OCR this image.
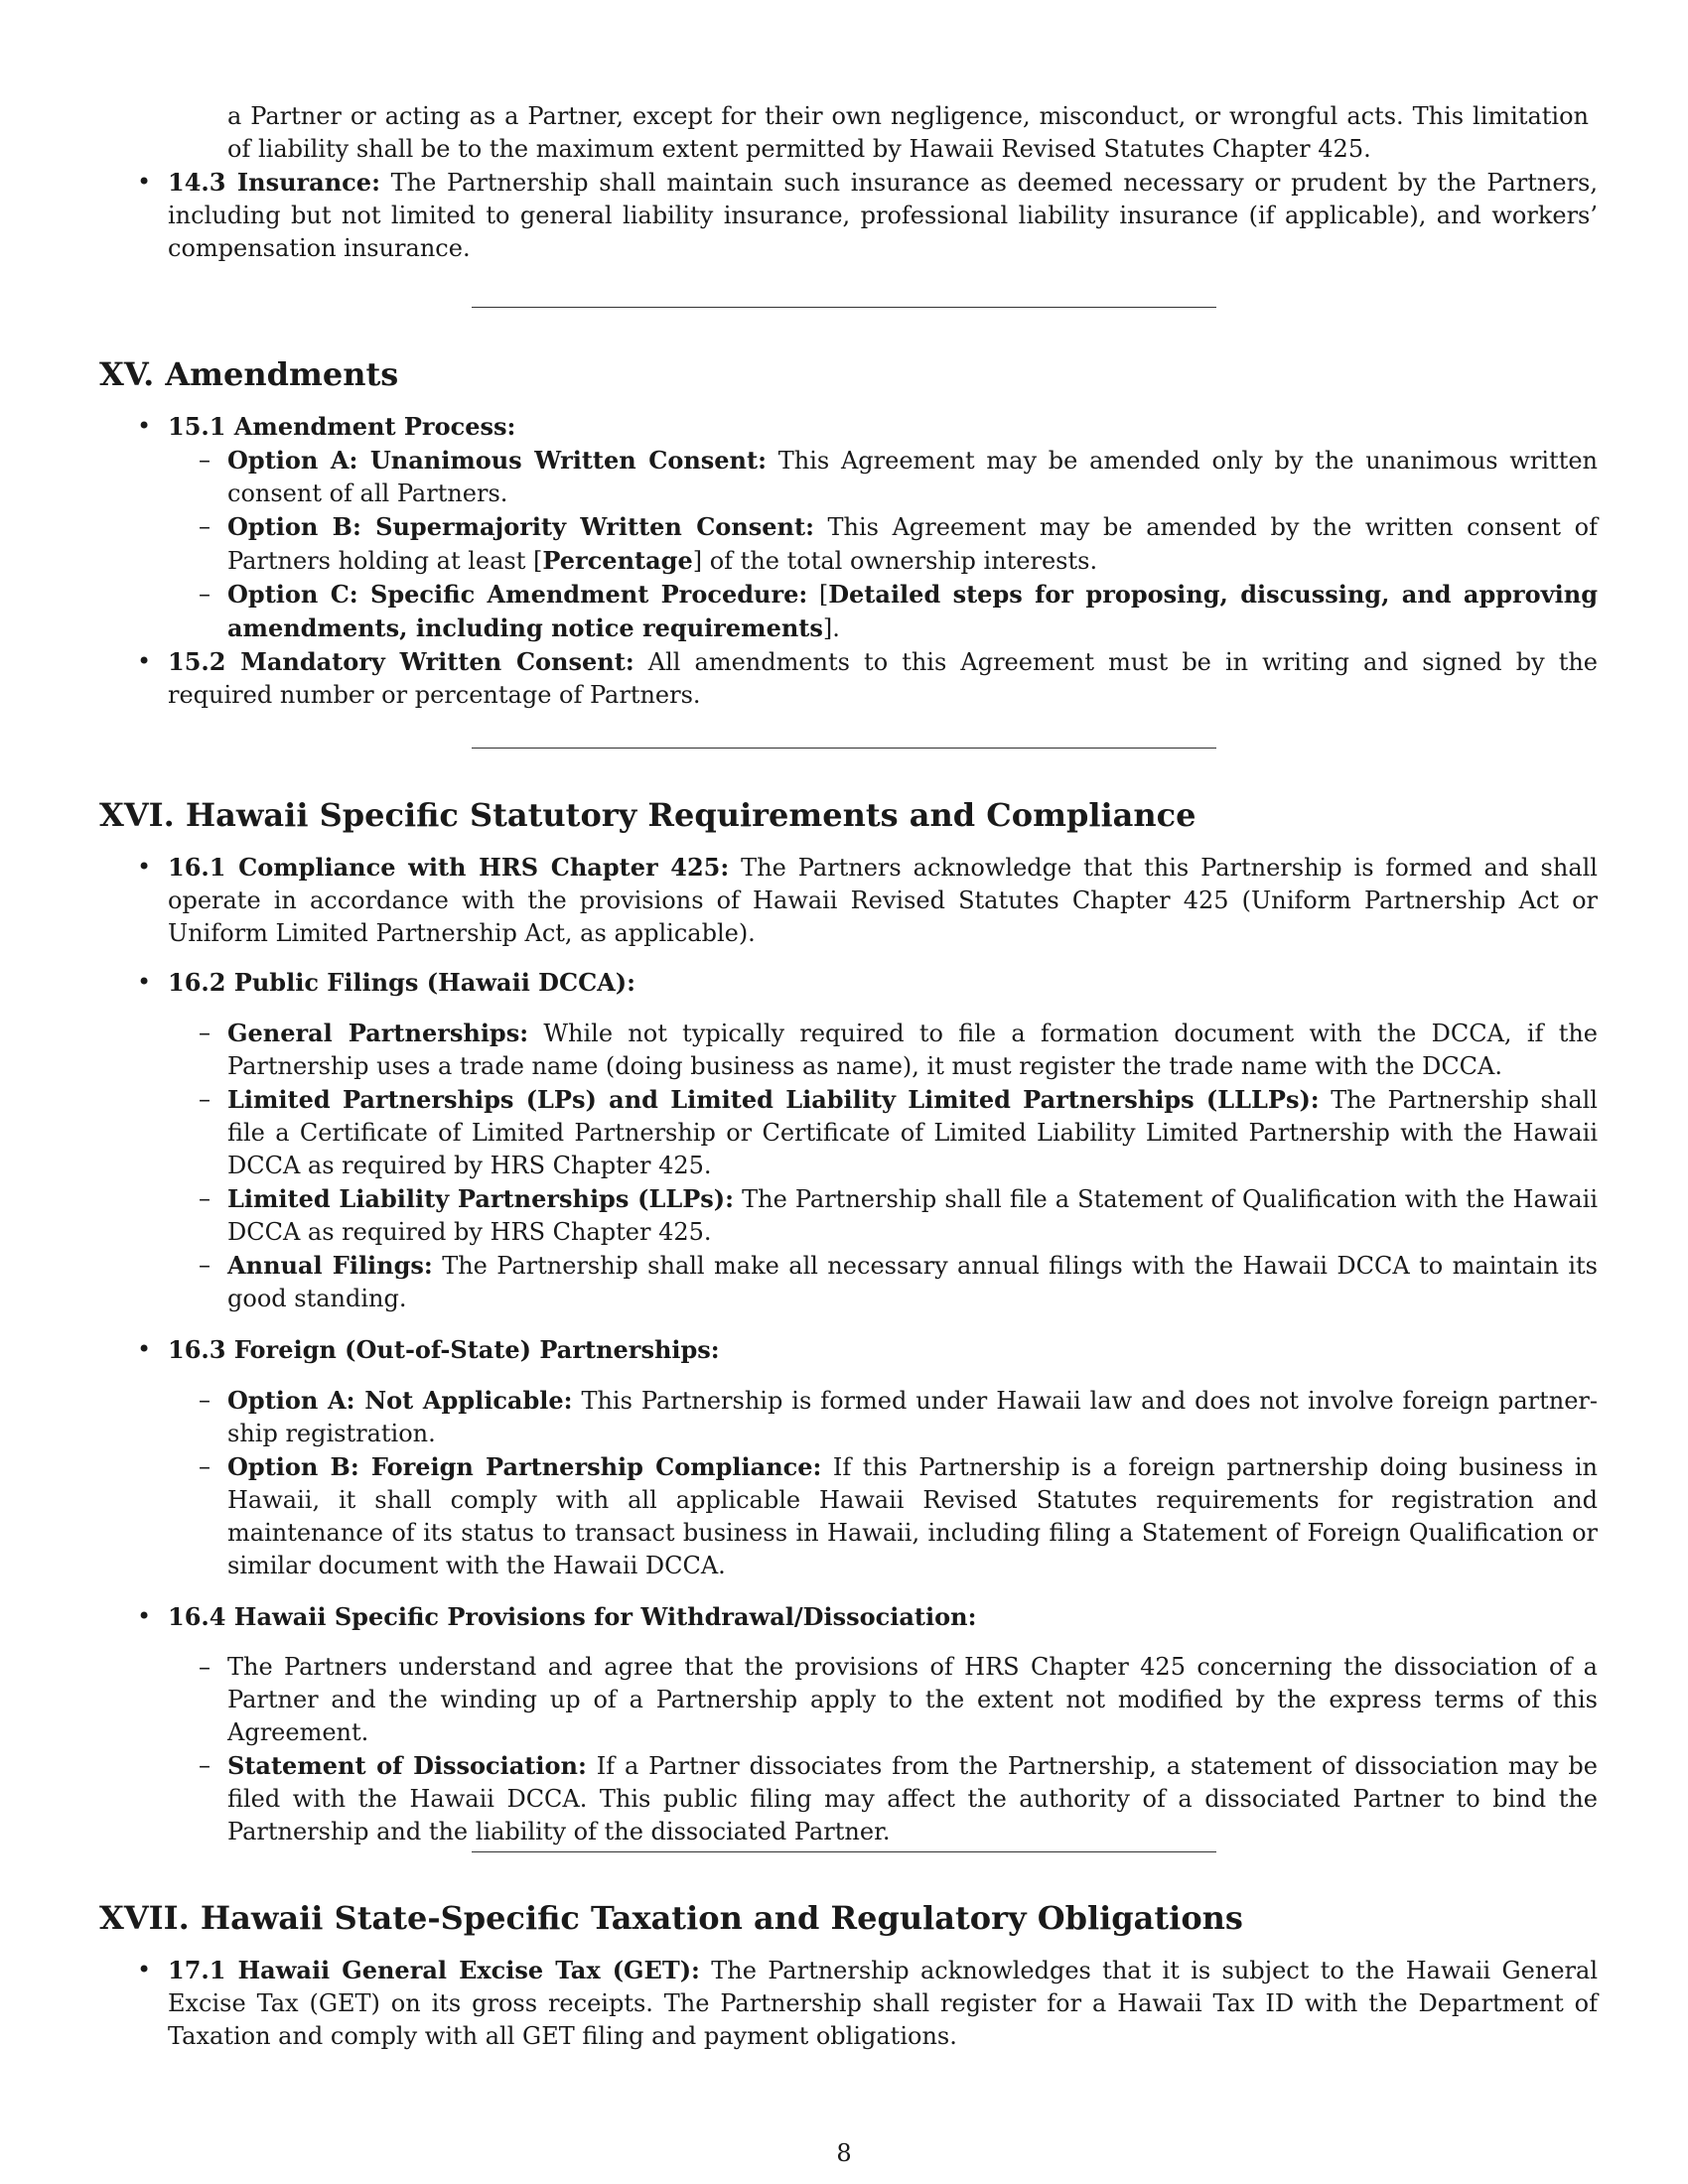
a Partner or acting as a Partner, except for their own negligence, misconduct, or wrongful acts. This limitation of liability shall be to the maximum extent permitted by Hawaii Revised Statutes Chapter 425.

• 14.3 Insurance: The Partnership shall maintain such insurance as deemed necessary or prudent by the Partners, including but not limited to general liability insurance, professional liability insurance (if applicable), and workers’ compensation insurance.
XV. Amendments
• 15.1 Amendment Process:
– Option A: Unanimous Written Consent: This Agreement may be amended only by the unanimous written consent of all Partners.
– Option B: Supermajority Written Consent: This Agreement may be amended by the written consent of Partners holding at least [Percentage] of the total ownership interests.
– Option C: Specific Amendment Procedure: [Detailed steps for proposing, discussing, and approving amendments, including notice requirements].
• 15.2 Mandatory Written Consent: All amendments to this Agreement must be in writing and signed by the required number or percentage of Partners.
XVI. Hawaii Specific Statutory Requirements and Compliance
• 16.1 Compliance with HRS Chapter 425: The Partners acknowledge that this Partnership is formed and shall operate in accordance with the provisions of Hawaii Revised Statutes Chapter 425 (Uniform Partnership Act or Uniform Limited Partnership Act, as applicable).
• 16.2 Public Filings (Hawaii DCCA):
– General Partnerships: While not typically required to file a formation document with the DCCA, if the Partnership uses a trade name (doing business as name), it must register the trade name with the DCCA.
– Limited Partnerships (LPs) and Limited Liability Limited Partnerships (LLLPs): The Partnership shall file a Certificate of Limited Partnership or Certificate of Limited Liability Limited Partnership with the Hawaii DCCA as required by HRS Chapter 425.
– Limited Liability Partnerships (LLPs): The Partnership shall file a Statement of Qualification with the Hawaii DCCA as required by HRS Chapter 425.
– Annual Filings: The Partnership shall make all necessary annual filings with the Hawaii DCCA to maintain its good standing.
• 16.3 Foreign (Out-of-State) Partnerships:
– Option A: Not Applicable: This Partnership is formed under Hawaii law and does not involve foreign partnership registration.
– Option B: Foreign Partnership Compliance: If this Partnership is a foreign partnership doing business in Hawaii, it shall comply with all applicable Hawaii Revised Statutes requirements for registration and maintenance of its status to transact business in Hawaii, including filing a Statement of Foreign Qualification or similar document with the Hawaii DCCA.
• 16.4 Hawaii Specific Provisions for Withdrawal/Dissociation:
– The Partners understand and agree that the provisions of HRS Chapter 425 concerning the dissociation of a Partner and the winding up of a Partnership apply to the extent not modified by the express terms of this Agreement.
– Statement of Dissociation: If a Partner dissociates from the Partnership, a statement of dissociation may be filed with the Hawaii DCCA. This public filing may affect the authority of a dissociated Partner to bind the Partnership and the liability of the dissociated Partner.
XVII. Hawaii State-Specific Taxation and Regulatory Obligations
• 17.1 Hawaii General Excise Tax (GET): The Partnership acknowledges that it is subject to the Hawaii General Excise Tax (GET) on its gross receipts. The Partnership shall register for a Hawaii Tax ID with the Department of Taxation and comply with all GET filing and payment obligations.
8
